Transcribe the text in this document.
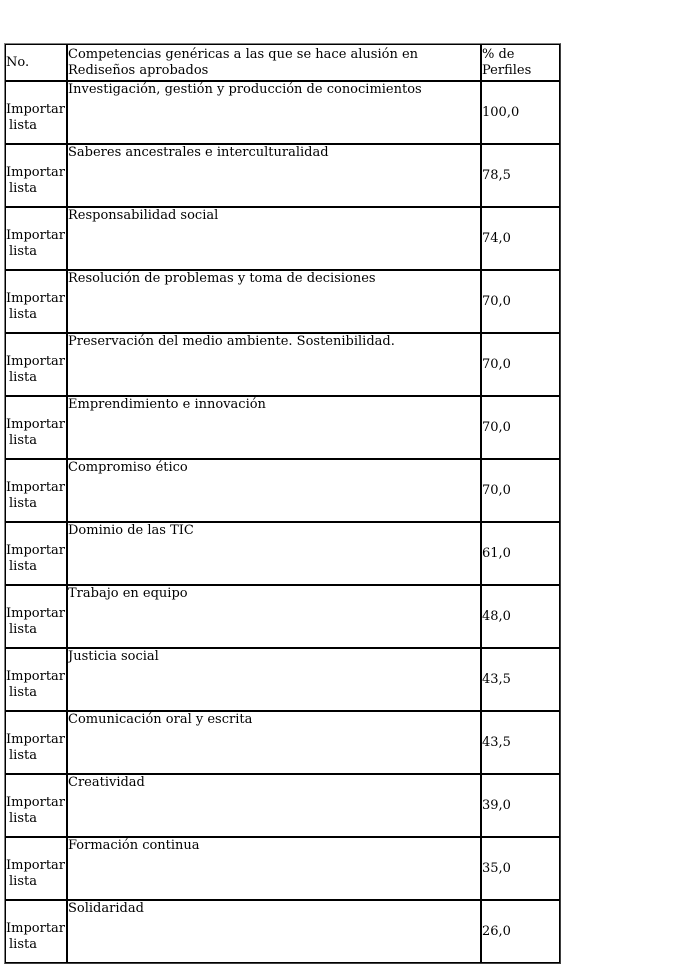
No.	Competencias genéricas a las que se hace alusión en Rediseños aprobados	% de Perfiles

Importar
lista	Investigación, gestión y producción de conocimientos	100,0

Importar
lista	Saberes ancestrales e interculturalidad	78,5

Importar
lista	Responsabilidad social	74,0

Importar
lista	Resolución de problemas y toma de decisiones	70,0

Importar
lista	Preservación del medio ambiente. Sostenibilidad.	70,0

Importar
lista	Emprendimiento e innovación	70,0

Importar
lista	Compromiso ético	70,0

Importar
lista	Dominio de las TIC	61,0

Importar
lista	Trabajo en equipo	48,0

Importar
lista	Justicia social	43,5

Importar
lista	Comunicación oral y escrita	43,5

Importar
lista	Creatividad	39,0

Importar
lista	Formación continua	35,0

Importar
lista	Solidaridad	26,0
